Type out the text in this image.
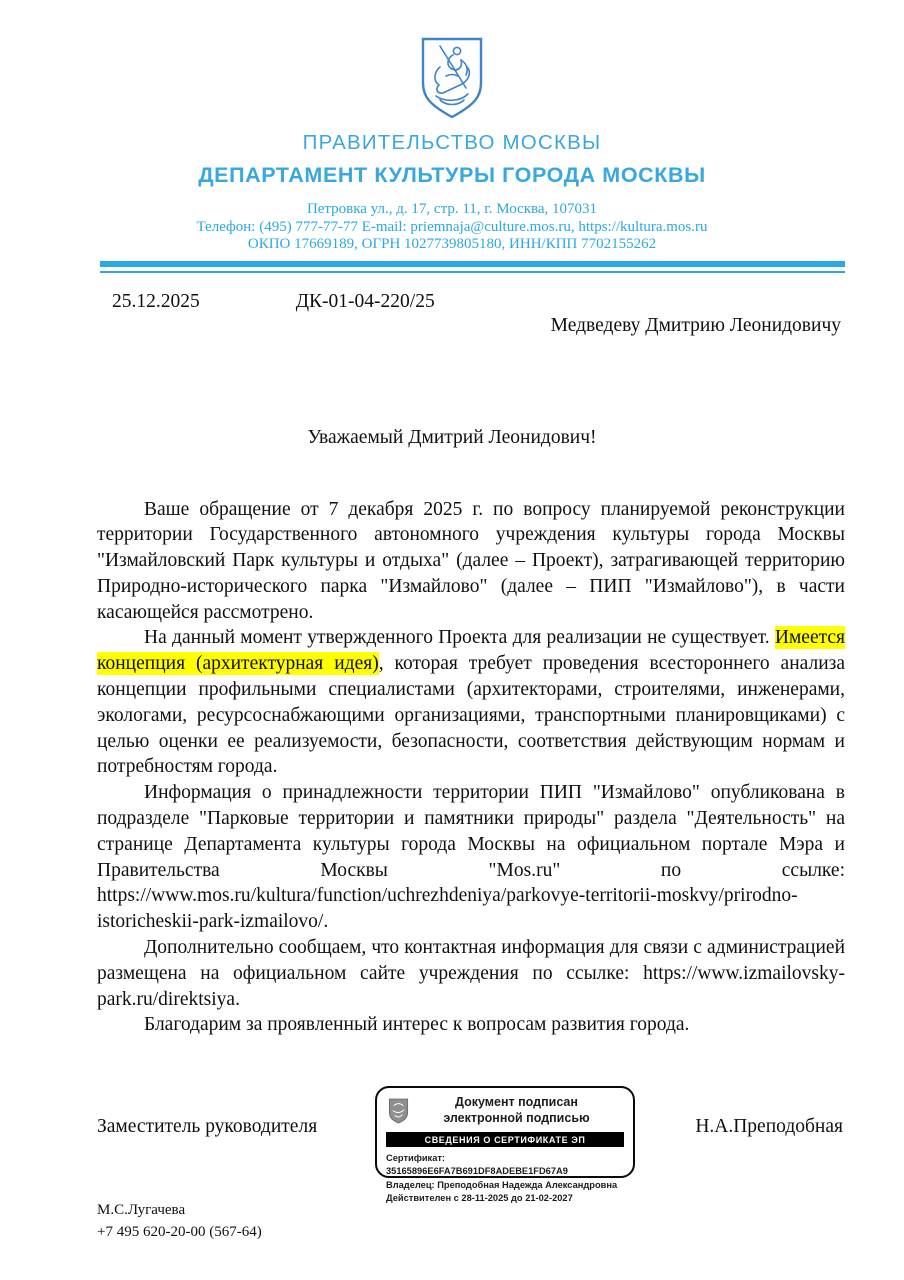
ПРАВИТЕЛЬСТВО МОСКВЫ
ДЕПАРТАМЕНТ КУЛЬТУРЫ ГОРОДА МОСКВЫ
Петровка ул., д. 17, стр. 11, г. Москва, 107031
Телефон: (495) 777-77-77 E-mail: priemnaja@culture.mos.ru, https://kultura.mos.ru
ОКПО 17669189, ОГРН 1027739805180, ИНН/КПП 7702155262
25.12.2025	ДК-01-04-220/25
Медведеву Дмитрию Леонидовичу
Уважаемый Дмитрий Леонидович!

Ваше обращение от 7 декабря 2025 г. по вопросу планируемой реконструкции территории Государственного автономного учреждения культуры города Москвы "Измайловский Парк культуры и отдыха" (далее – Проект), затрагивающей территорию Природно-исторического парка "Измайлово" (далее – ПИП "Измайлово"), в части касающейся рассмотрено.

На данный момент утвержденного Проекта для реализации не существует. Имеется концепция (архитектурная идея), которая требует проведения всестороннего анализа концепции профильными специалистами (архитекторами, строителями, инженерами, экологами, ресурсоснабжающими организациями, транспортными планировщиками) с целью оценки ее реализуемости, безопасности, соответствия действующим нормам и потребностям города.

Информация о принадлежности территории ПИП "Измайлово" опубликована в подразделе "Парковые территории и памятники природы" раздела "Деятельность" на странице Департамента культуры города Москвы на официальном портале Мэра и Правительства Москвы "Mos.ru" по ссылке: https://www.mos.ru/kultura/function/uchrezhdeniya/parkovye-territorii-moskvy/prirodno-istoricheskii-park-izmailovo/.

Дополнительно сообщаем, что контактная информация для связи с администрацией размещена на официальном сайте учреждения по ссылке: https://www.izmailovsky-park.ru/direktsiya.

Благодарим за проявленный интерес к вопросам развития города.

Заместитель руководителя
Документ подписан
электронной подписью
СВЕДЕНИЯ О СЕРТИФИКАТЕ ЭП
Сертификат: 35165896E6FA7B691DF8ADEBE1FD67A9
Владелец: Преподобная Надежда Александровна
Действителен с 28-11-2025 до 21-02-2027
Н.А.Преподобная
М.С.Лугачева
+7 495 620-20-00 (567-64)
